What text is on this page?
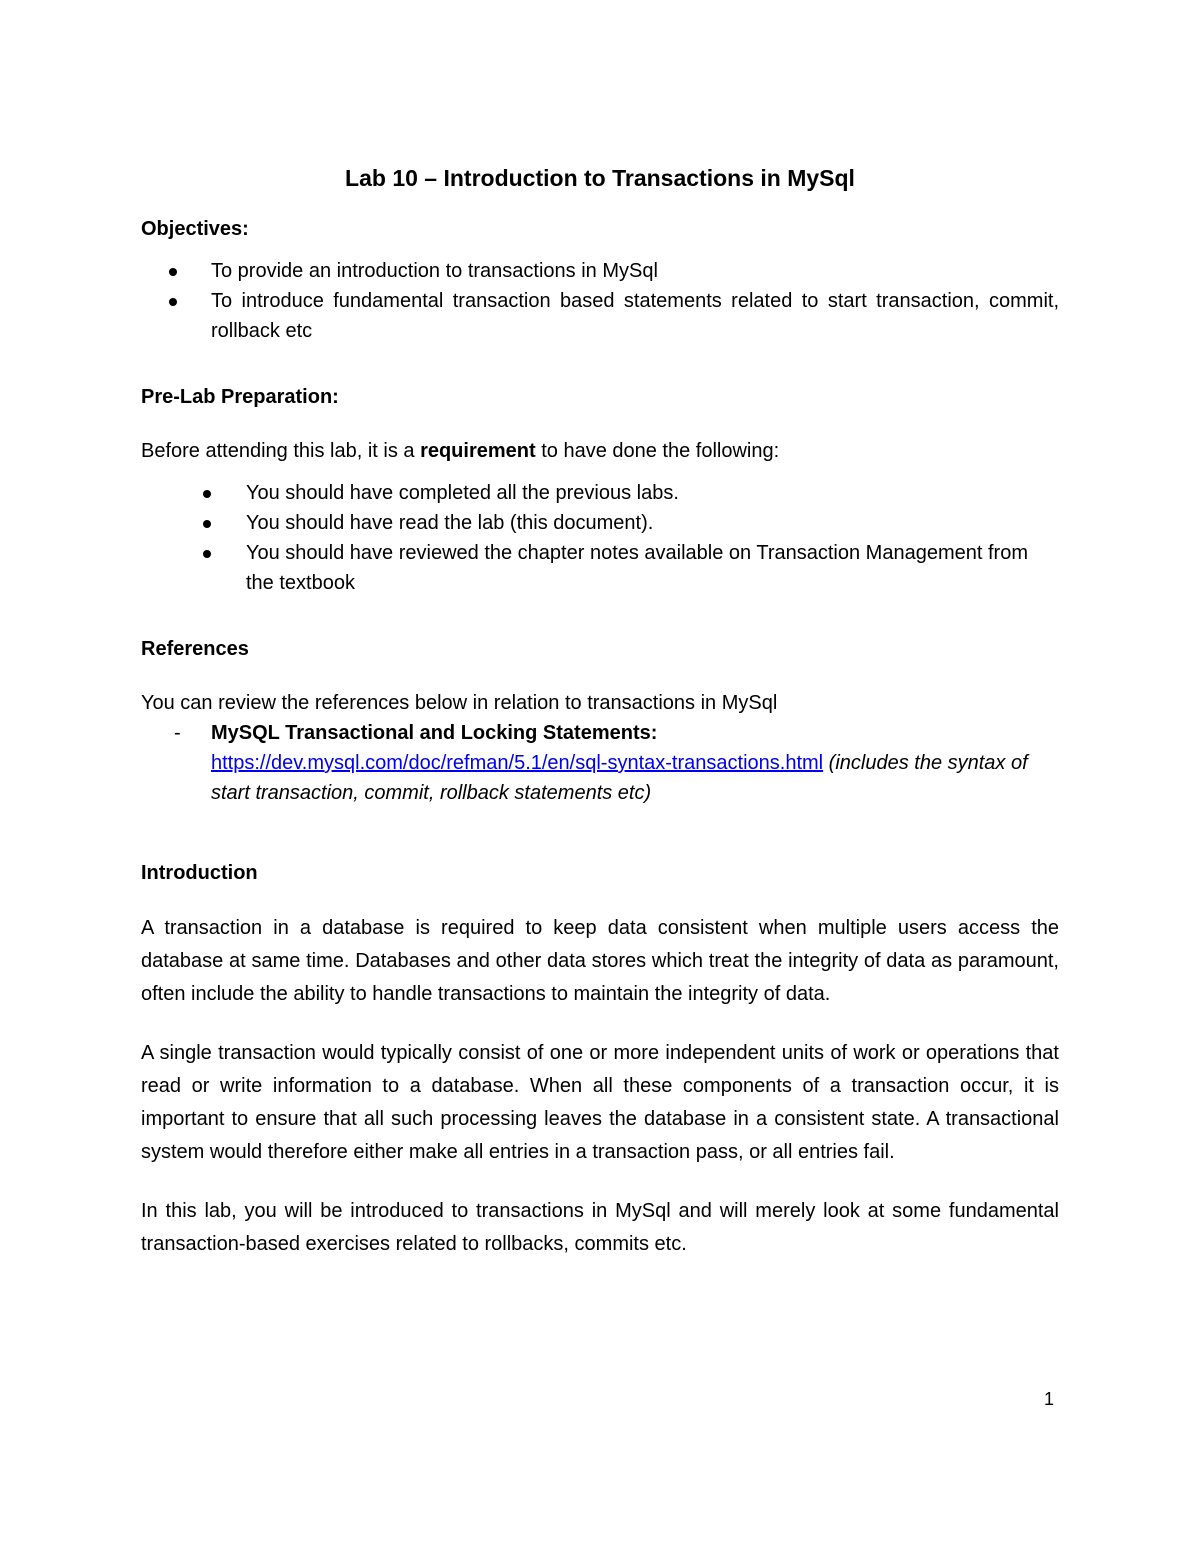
Lab 10 – Introduction to Transactions in MySql

Objectives:

To provide an introduction to transactions in MySql
To introduce fundamental transaction based statements related to start transaction, commit, rollback etc

Pre-Lab Preparation:

Before attending this lab, it is a requirement to have done the following:

You should have completed all the previous labs.
You should have read the lab (this document).
You should have reviewed the chapter notes available on Transaction Management from the textbook

References

You can review the references below in relation to transactions in MySql

- MySQL Transactional and Locking Statements:
https://dev.mysql.com/doc/refman/5.1/en/sql-syntax-transactions.html (includes the syntax of start transaction, commit, rollback statements etc)

Introduction

A transaction in a database is required to keep data consistent when multiple users access the database at same time. Databases and other data stores which treat the integrity of data as paramount, often include the ability to handle transactions to maintain the integrity of data.

A single transaction would typically consist of one or more independent units of work or operations that read or write information to a database. When all these components of a transaction occur, it is important to ensure that all such processing leaves the database in a consistent state. A transactional system would therefore either make all entries in a transaction pass, or all entries fail.

In this lab, you will be introduced to transactions in MySql and will merely look at some fundamental transaction-based exercises related to rollbacks, commits etc.

1
